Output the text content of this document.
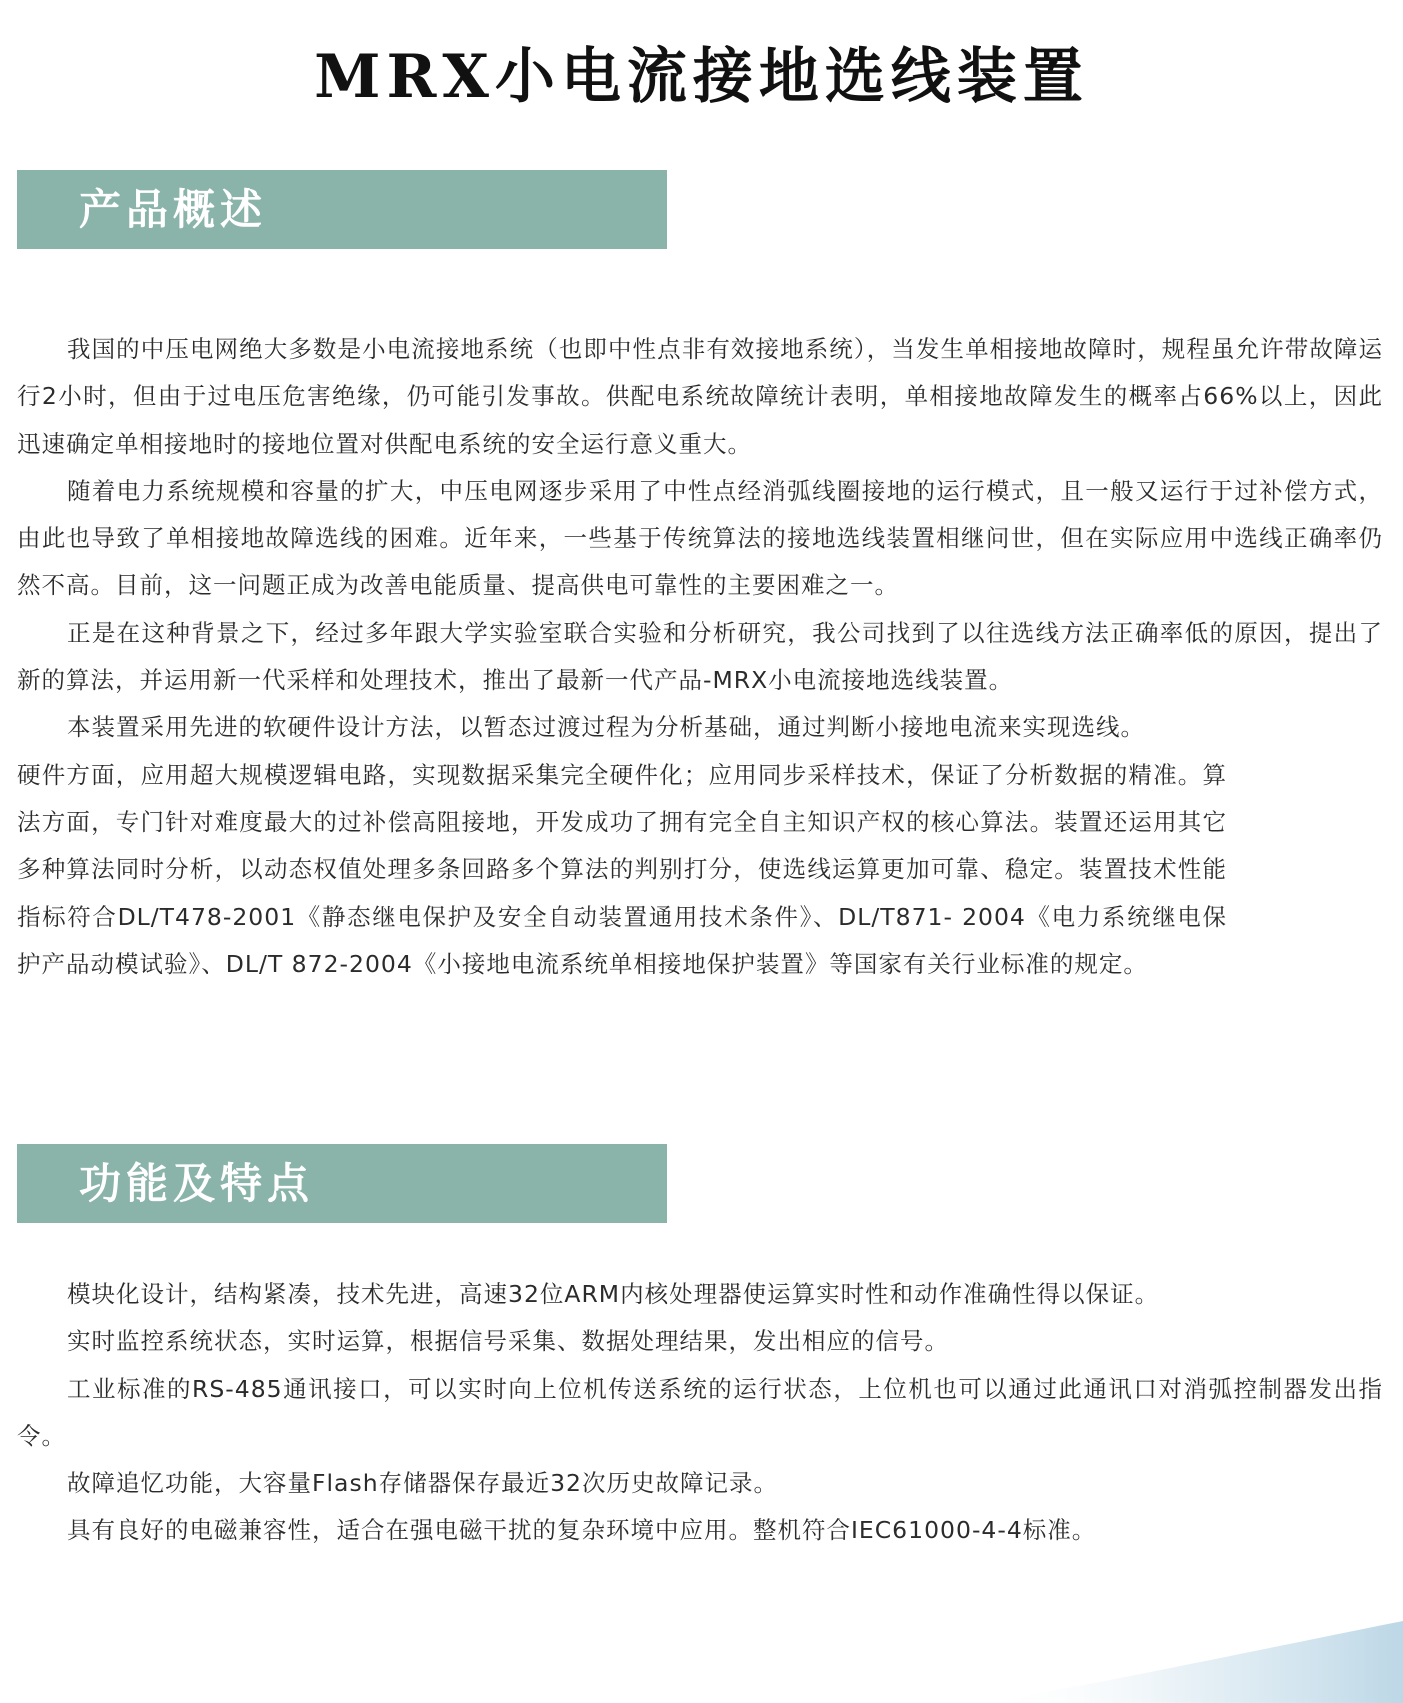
MRX小电流接地选线装置
产品概述

我国的中压电网绝大多数是小电流接地系统（也即中性点非有效接地系统），当发生单相接地故障时，规程虽允许带故障运行2小时，但由于过电压危害绝缘，仍可能引发事故。供配电系统故障统计表明，单相接地故障发生的概率占66%以上，因此迅速确定单相接地时的接地位置对供配电系统的安全运行意义重大。

随着电力系统规模和容量的扩大，中压电网逐步采用了中性点经消弧线圈接地的运行模式，且一般又运行于过补偿方式，由此也导致了单相接地故障选线的困难。近年来，一些基于传统算法的接地选线装置相继问世，但在实际应用中选线正确率仍然不高。目前，这一问题正成为改善电能质量、提高供电可靠性的主要困难之一。

正是在这种背景之下，经过多年跟大学实验室联合实验和分析研究，我公司找到了以往选线方法正确率低的原因，提出了新的算法，并运用新一代采样和处理技术，推出了最新一代产品-MRX小电流接地选线装置。

本装置采用先进的软硬件设计方法，以暂态过渡过程为分析基础，通过判断小接地电流来实现选线。

硬件方面，应用超大规模逻辑电路，实现数据采集完全硬件化；应用同步采样技术，保证了分析数据的精准。算法方面，专门针对难度最大的过补偿高阻接地，开发成功了拥有完全自主知识产权的核心算法。装置还运用其它多种算法同时分析，以动态权值处理多条回路多个算法的判别打分，使选线运算更加可靠、稳定。装置技术性能指标符合DL/T478-2001《静态继电保护及安全自动装置通用技术条件》、DL/T871- 2004《电力系统继电保护产品动模试验》、DL/T 872-2004《小接地电流系统单相接地保护装置》等国家有关行业标准的规定。

功能及特点

模块化设计，结构紧凑，技术先进，高速32位ARM内核处理器使运算实时性和动作准确性得以保证。

实时监控系统状态，实时运算，根据信号采集、数据处理结果，发出相应的信号。

工业标准的RS-485通讯接口，可以实时向上位机传送系统的运行状态，上位机也可以通过此通讯口对消弧控制器发出指令。

故障追忆功能，大容量Flash存储器保存最近32次历史故障记录。

具有良好的电磁兼容性，适合在强电磁干扰的复杂环境中应用。整机符合IEC61000-4-4标准。
